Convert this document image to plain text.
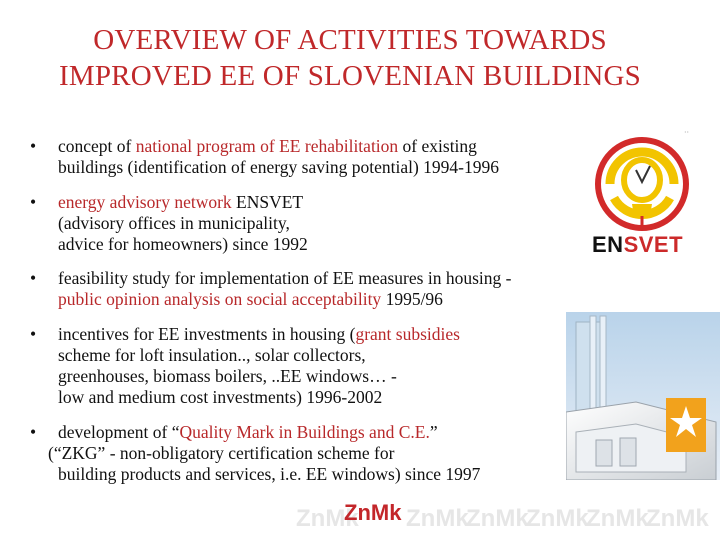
OVERVIEW OF ACTIVITIES TOWARDS
IMPROVED EE OF SLOVENIAN BUILDINGS
• concept of national program of EE rehabilitation of existing
buildings (identification of energy saving potential) 1994-1996
• energy advisory network ENSVET
(advisory offices in municipality,
advice for homeowners) since 1992
• feasibility study for implementation of EE measures in housing -
public opinion analysis on social acceptability 1995/96
• incentives for EE investments in housing (grant subsidies
scheme for loft insulation.., solar collectors,
greenhouses, biomass boilers, ..EE windows… -
low and medium cost investments) 1996-2002
• development of “Quality Mark in Buildings and C.E.”
(“ZKG” - non-obligatory certification scheme for
building products and services, i.e. EE windows) since 1997
··
ENSVET
ZnMk ZnMk
ZnMk
ZnMk
ZnMk
ZnMk
ZnMk
